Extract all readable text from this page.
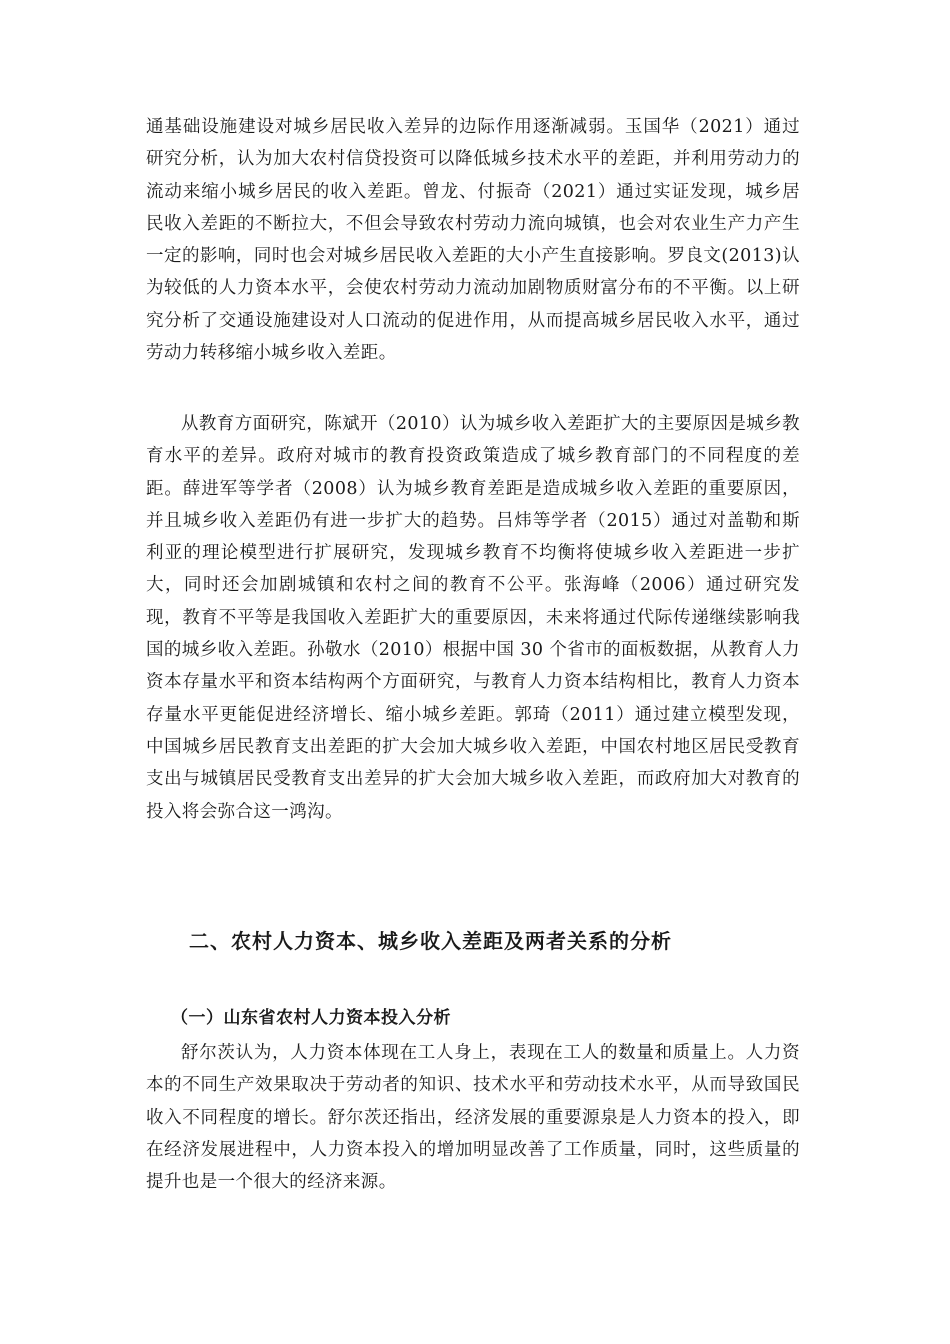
通基础设施建设对城乡居民收入差异的边际作用逐渐减弱。玉国华（2021）通过研究分析，认为加大农村信贷投资可以降低城乡技术水平的差距，并利用劳动力的流动来缩小城乡居民的收入差距。曾龙、付振奇（2021）通过实证发现，城乡居民收入差距的不断拉大，不但会导致农村劳动力流向城镇，也会对农业生产力产生一定的影响，同时也会对城乡居民收入差距的大小产生直接影响。罗良文(2013)认为较低的人力资本水平，会使农村劳动力流动加剧物质财富分布的不平衡。以上研究分析了交通设施建设对人口流动的促进作用，从而提高城乡居民收入水平，通过劳动力转移缩小城乡收入差距。

从教育方面研究，陈斌开（2010）认为城乡收入差距扩大的主要原因是城乡教育水平的差异。政府对城市的教育投资政策造成了城乡教育部门的不同程度的差距。薛进军等学者（2008）认为城乡教育差距是造成城乡收入差距的重要原因，并且城乡收入差距仍有进一步扩大的趋势。吕炜等学者（2015）通过对盖勒和斯利亚的理论模型进行扩展研究，发现城乡教育不均衡将使城乡收入差距进一步扩大，同时还会加剧城镇和农村之间的教育不公平。张海峰（2006）通过研究发现，教育不平等是我国收入差距扩大的重要原因，未来将通过代际传递继续影响我国的城乡收入差距。孙敬水（2010）根据中国 30 个省市的面板数据，从教育人力资本存量水平和资本结构两个方面研究，与教育人力资本结构相比，教育人力资本存量水平更能促进经济增长、缩小城乡差距。郭琦（2011）通过建立模型发现，中国城乡居民教育支出差距的扩大会加大城乡收入差距，中国农村地区居民受教育支出与城镇居民受教育支出差异的扩大会加大城乡收入差距，而政府加大对教育的投入将会弥合这一鸿沟。

二、农村人力资本、城乡收入差距及两者关系的分析
（一）山东省农村人力资本投入分析

舒尔茨认为，人力资本体现在工人身上，表现在工人的数量和质量上。人力资本的不同生产效果取决于劳动者的知识、技术水平和劳动技术水平，从而导致国民收入不同程度的增长。舒尔茨还指出，经济发展的重要源泉是人力资本的投入，即在经济发展进程中，人力资本投入的增加明显改善了工作质量，同时，这些质量的提升也是一个很大的经济来源。
